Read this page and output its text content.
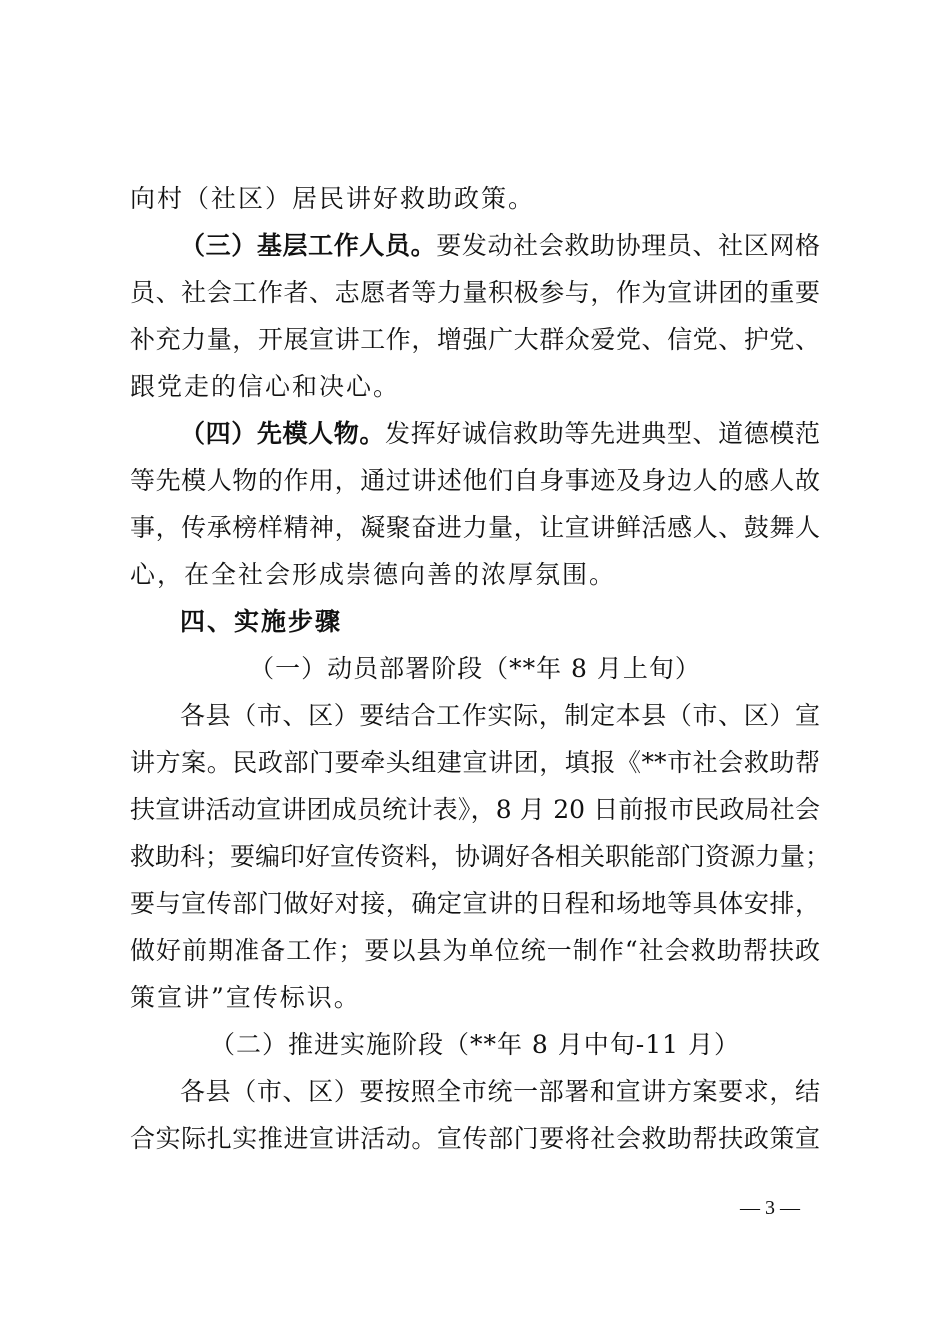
向村（社区）居民讲好救助政策。
（三）基层工作人员。要发动社会救助协理员、社区网格
员、社会工作者、志愿者等力量积极参与，作为宣讲团的重要
补充力量，开展宣讲工作，增强广大群众爱党、信党、护党、
跟党走的信心和决心。
（四）先模人物。发挥好诚信救助等先进典型、道德模范
等先模人物的作用，通过讲述他们自身事迹及身边人的感人故
事，传承榜样精神，凝聚奋进力量，让宣讲鲜活感人、鼓舞人
心，在全社会形成崇德向善的浓厚氛围。
四、实施步骤
（一）动员部署阶段（**年 8 月上旬）
各县（市、区）要结合工作实际，制定本县（市、区）宣
讲方案。民政部门要牵头组建宣讲团，填报《**市社会救助帮
扶宣讲活动宣讲团成员统计表》，8 月 20 日前报市民政局社会
救助科；要编印好宣传资料，协调好各相关职能部门资源力量；
要与宣传部门做好对接，确定宣讲的日程和场地等具体安排，
做好前期准备工作；要以县为单位统一制作“社会救助帮扶政
策宣讲”宣传标识。
（二）推进实施阶段（**年 8 月中旬-11 月）
各县（市、区）要按照全市统一部署和宣讲方案要求，结
合实际扎实推进宣讲活动。宣传部门要将社会救助帮扶政策宣
— 3 —
